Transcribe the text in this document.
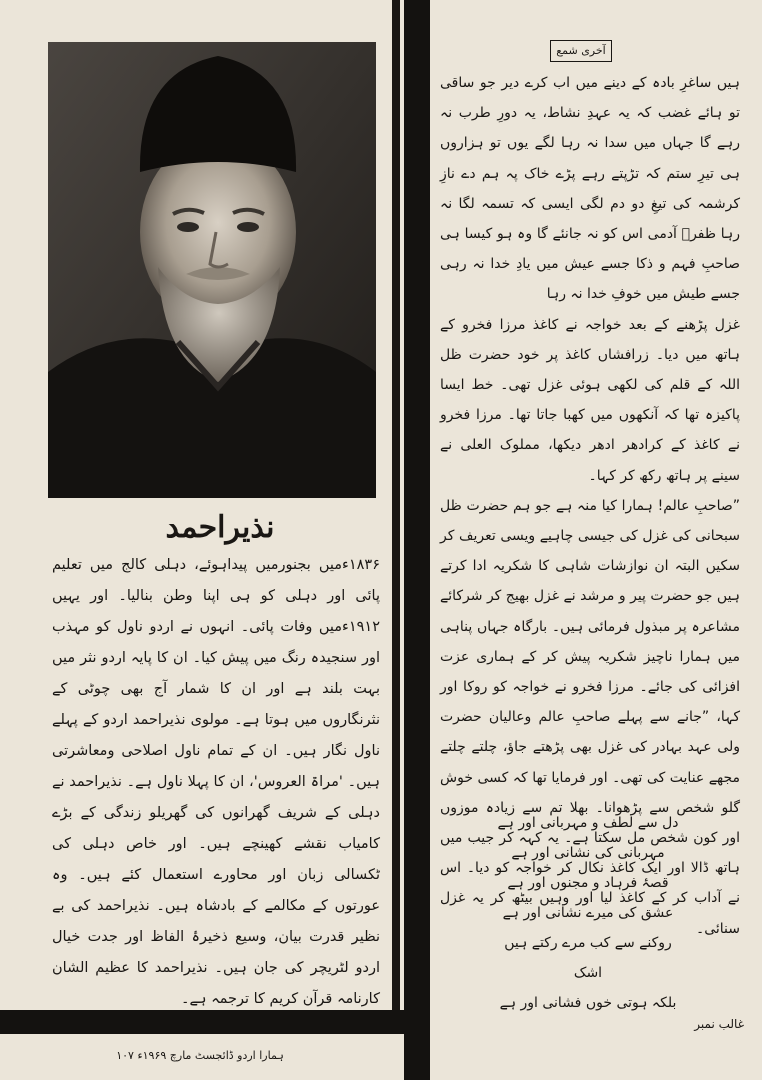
نذیراحمد

۱۸۳۶ءمیں بجنورمیں پیداہوئے، دہلی کالج میں تعلیم پائی اور دہلی کو ہی اپنا وطن بنالیا۔ اور یہیں ۱۹۱۲ءمیں وفات پائی۔ انہوں نے اردو ناول کو مہذب اور سنجیدہ رنگ میں پیش کیا۔ ان کا پایہ اردو نثر میں بہت بلند ہے اور ان کا شمار آج بھی چوٹی کے نثرنگاروں میں ہوتا ہے۔ مولوی نذیراحمد اردو کے پہلے ناول نگار ہیں۔ ان کے تمام ناول اصلاحی ومعاشرتی ہیں۔ 'مراۃ العروس'، ان کا پہلا ناول ہے۔ نذیراحمد نے دہلی کے شریف گھرانوں کی گھریلو زندگی کے بڑے کامیاب نقشے کھینچے ہیں۔ اور خاص دہلی کی ٹکسالی زبان اور محاورے استعمال کئے ہیں۔ وہ عورتوں کے مکالمے کے بادشاہ ہیں۔ نذیراحمد کی بے نظیر قدرت بیان، وسیع ذخیرۂ الفاظ اور جدت خیال اردو لٹریچر کی جان ہیں۔ نذیراحمد کا عظیم الشان کارنامہ قرآن کریم کا ترجمہ ہے۔

آخری شمع

ہیں ساغرِ بادہ کے دینے میں اب کرے دیر جو ساقی تو ہائے غضب کہ یہ عہدِ نشاط، یہ دورِ طرب نہ رہے گا جہاں میں سدا نہ رہا لگے یوں تو ہزاروں ہی تیرِ ستم کہ تڑپتے رہے پڑے خاک پہ ہم دے نازِ کرشمہ کی تیغِ دو دم لگی ایسی کہ تسمہ لگا نہ رہا ظفرؔ آدمی اس کو نہ جانئے گا وہ ہو کیسا ہی صاحبِ فہم و ذکا جسے عیش میں یادِ خدا نہ رہی جسے طیش میں خوفِ خدا نہ رہا

غزل پڑھنے کے بعد خواجہ نے کاغذ مرزا فخرو کے ہاتھ میں دیا۔ زرافشاں کاغذ پر خود حضرت ظل اللہ کے قلم کی لکھی ہوئی غزل تھی۔ خط ایسا پاکیزہ تھا کہ آنکھوں میں کھبا جاتا تھا۔ مرزا فخرو نے کاغذ کے کرادھر ادھر دیکھا، مملوک العلی نے سینے پر ہاتھ رکھ کر کہا۔

”صاحبِ عالم! ہمارا کیا منہ ہے جو ہم حضرت ظل سبحانی کی غزل کی جیسی چاہیے ویسی تعریف کر سکیں البتہ ان نوازشات شاہی کا شکریہ ادا کرتے ہیں جو حضرت پیر و مرشد نے غزل بھیج کر شرکائے مشاعرہ پر مبذول فرمائی ہیں۔ بارگاہ جہاں پناہی میں ہمارا ناچیز شکریہ پیش کر کے ہماری عزت افزائی کی جائے۔ مرزا فخرو نے خواجہ کو روکا اور کہا، ”جانے سے پہلے صاحبِ عالم وعالیان حضرت ولی عہد بہادر کی غزل بھی پڑھتے جاؤ، چلتے چلتے مجھے عنایت کی تھی۔ اور فرمایا تھا کہ کسی خوش گلو شخص سے پڑھوانا۔ بھلا تم سے زیادہ موزوں اور کون شخص مل سکتا ہے۔ یہ کہہ کر جیب میں ہاتھ ڈالا اور ایک کاغذ نکال کر خواجہ کو دیا۔ اس نے آداب کر کے کاغذ لیا اور وہیں بیٹھ کر یہ غزل سنائی۔

دل سے لطف و مہربانی اور ہے

مہربانی کی نشانی اور ہے

قصۂ فرہاد و مجنوں اور ہے

عشق کی میرے نشانی اور ہے

روکنے سے کب مرے رکتے ہیں اشک

بلکہ ہوتی خوں فشانی اور ہے

غالب نمبر
ہمارا اردو ڈائجسٹ مارچ ۱۹۶۹ء ۱۰۷
